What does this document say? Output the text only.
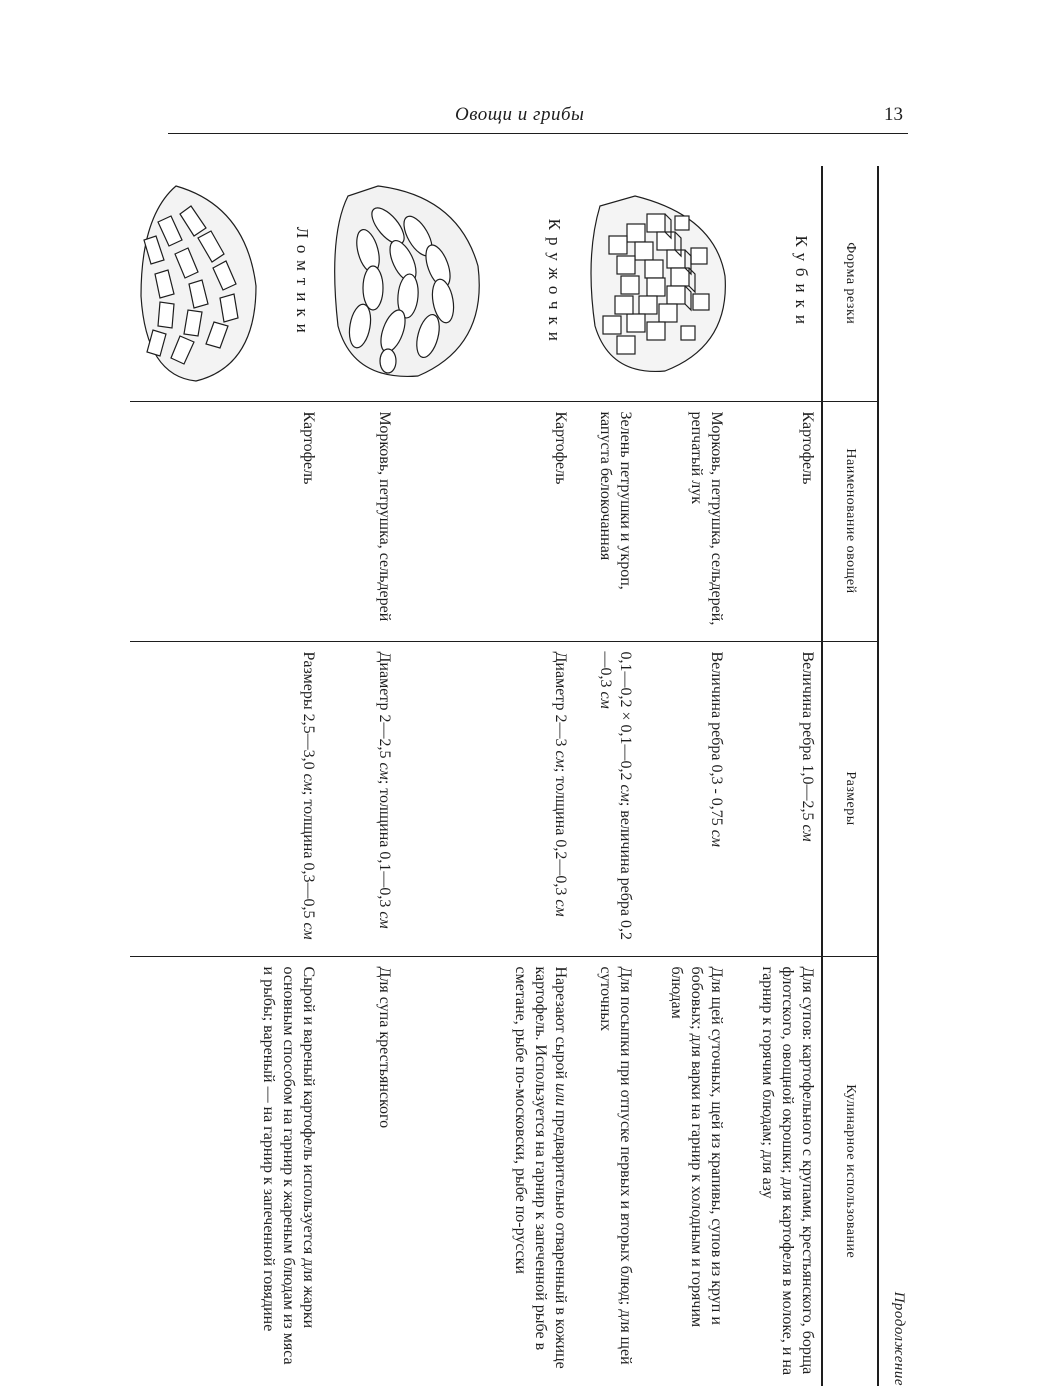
Овощи и грибы	13
Продолжение
Форма резки	Наименование овощей	Размеры	Кулинарное использование

Кубики	Картофель	Величина ребра 1,0—2,5 см	Для супов: картофельного с крупами, крестьянского, борща флотского, овощной окрошки; для картофеля в молоке, и на гарнир к горячим блюдам; для азу
	Морковь, петрушка, сельдерей, репчатый лук	Величина ребра 0,3 - 0,75 см	Для щей суточных, щей из крапивы, супов из круп и бобовых; для варки на гарнир к холодным и горячим блюдам
	Зелень петрушки и укроп, капуста белокочанная	0,1—0,2 × 0,1—0,2 см; величина ребра 0,2—0,3 см	Для посыпки при отпуске первых и вторых блюд; для щей суточных

Кружочки	Картофель	Диаметр 2—3 см; толщина 0,2—0,3 см	Нарезают сырой или предварительно отваренный в кожице картофель. Используется на гарнир к запеченной рыбе в сметане, рыбе по-московски, рыбе по-русски
	Морковь, петрушка, сельдерей	Диаметр 2—2,5 см; толщина 0,1—0,3 см	Для супа крестьянского

Ломтики	Картофель	Размеры 2,5—3,0 см; толщина 0,3—0,5 см	Сырой и вареный картофель используется для жарки основным способом на гарнир к жареным блюдам из мяса и рыбы; вареный — на гарнир к запеченной говядине
